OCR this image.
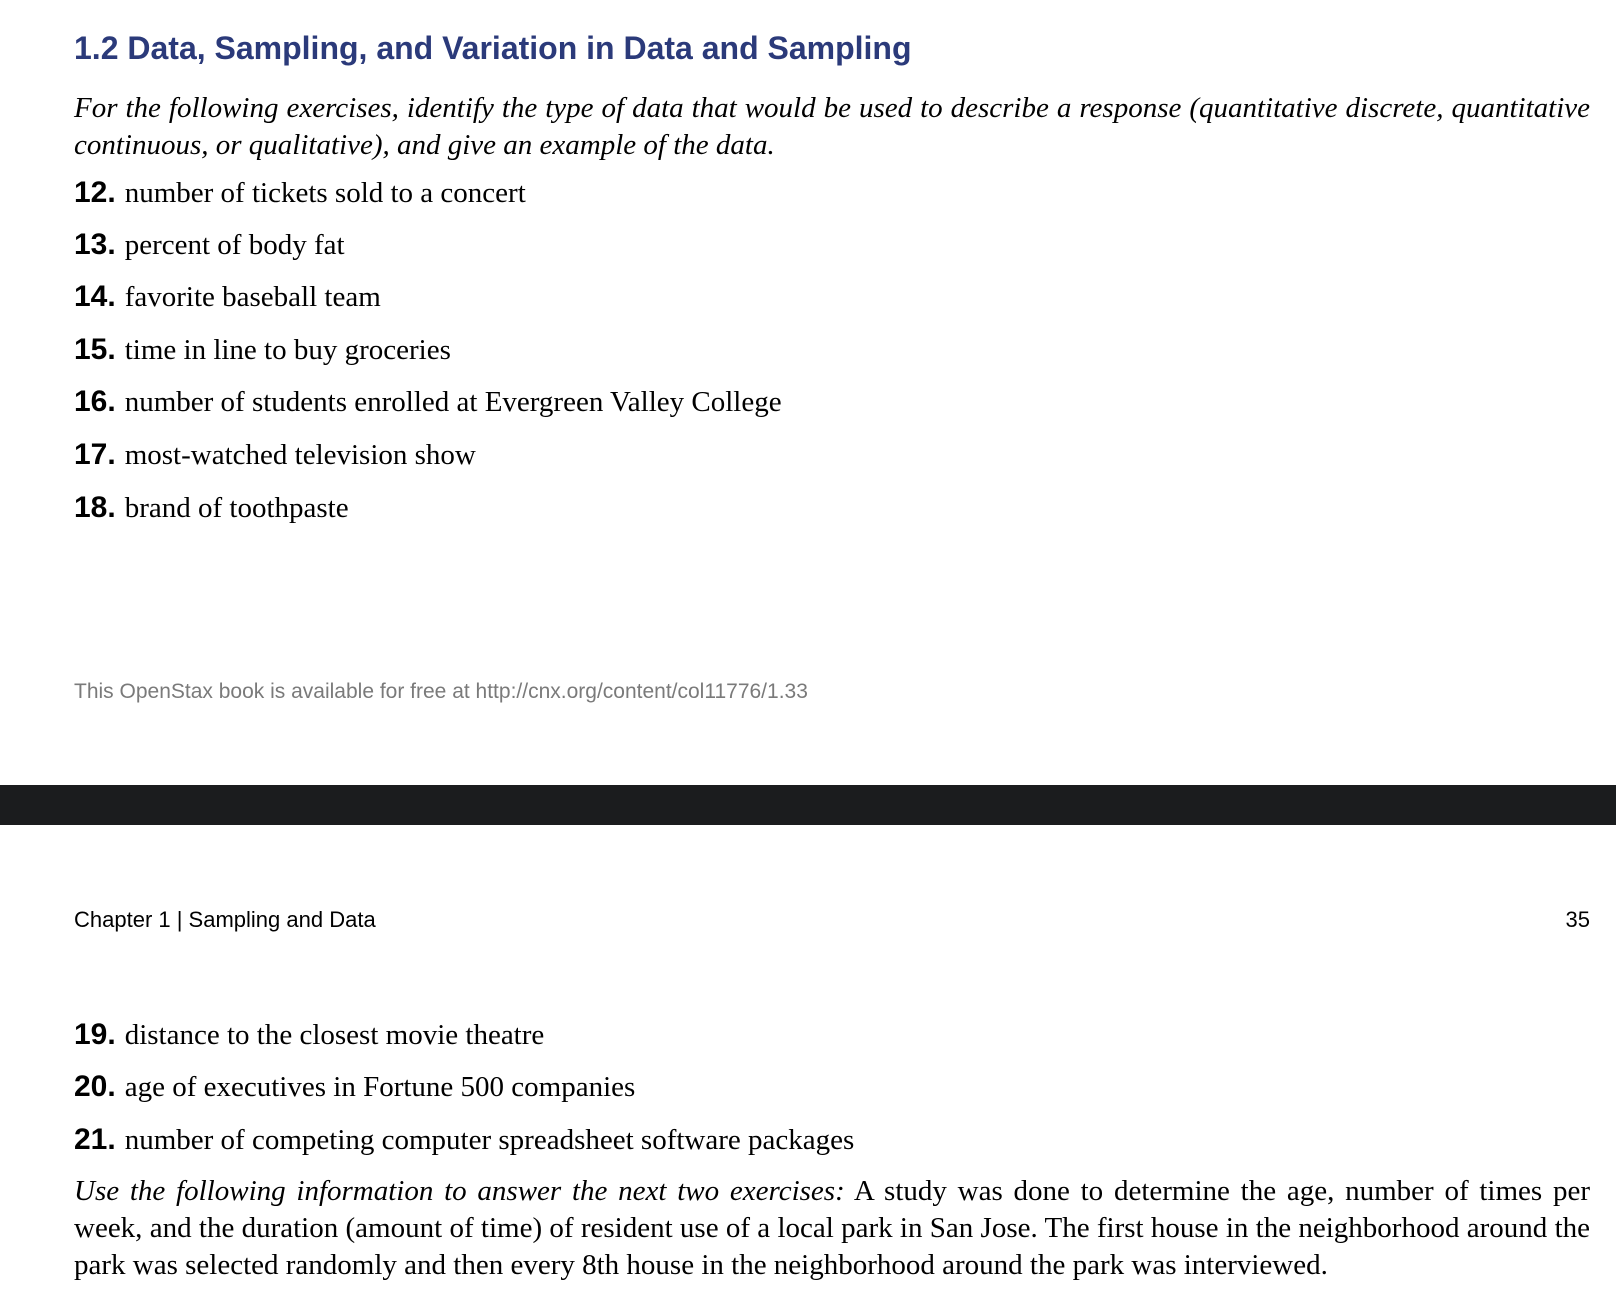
1.2 Data, Sampling, and Variation in Data and Sampling

For the following exercises, identify the type of data that would be used to describe a response (quantitative discrete, quantitative continuous, or qualitative), and give an example of the data.

12. number of tickets sold to a concert
13. percent of body fat
14. favorite baseball team
15. time in line to buy groceries
16. number of students enrolled at Evergreen Valley College
17. most-watched television show
18. brand of toothpaste
This OpenStax book is available for free at http://cnx.org/content/col11776/1.33
Chapter 1 | Sampling and Data	35
19. distance to the closest movie theatre
20. age of executives in Fortune 500 companies
21. number of competing computer spreadsheet software packages

Use the following information to answer the next two exercises: A study was done to determine the age, number of times per week, and the duration (amount of time) of resident use of a local park in San Jose. The first house in the neighborhood around the park was selected randomly and then every 8th house in the neighborhood around the park was interviewed.
